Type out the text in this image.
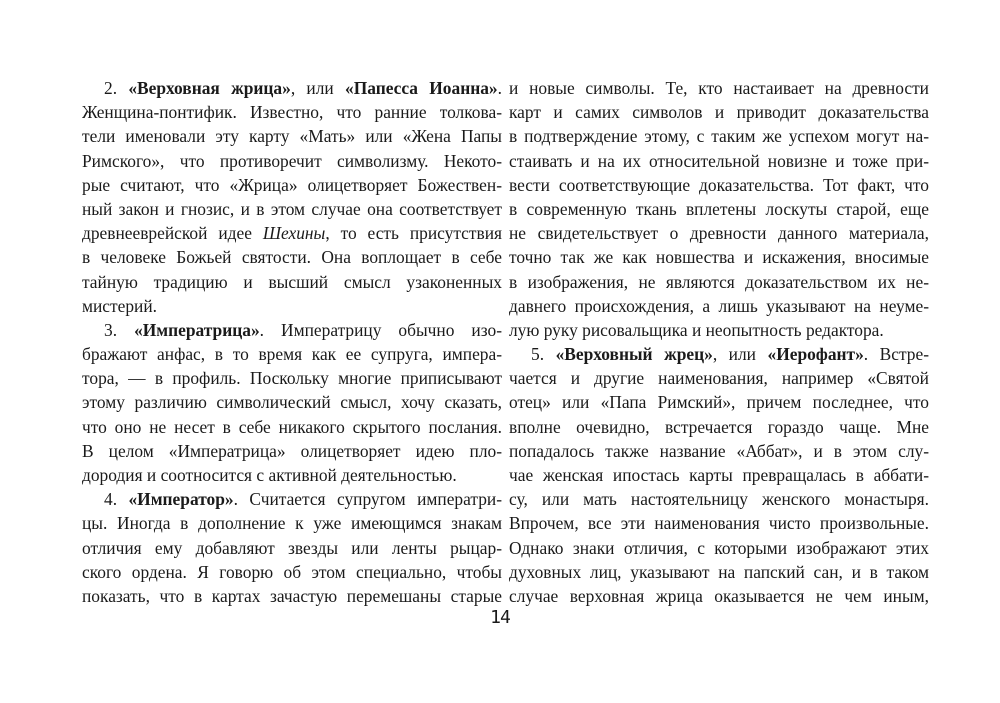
2. «Верховная жрица», или «Папесса Иоанна».
Женщина-понтифик. Известно, что ранние толкова-
тели именовали эту карту «Мать» или «Жена Папы
Римского», что противоречит символизму. Некото-
рые считают, что «Жрица» олицетворяет Божествен-
ный закон и гнозис, и в этом случае она соответствует
древнееврейской идее Шехины, то есть присутствия
в человеке Божьей святости. Она воплощает в себе
тайную традицию и высший смысл узаконенных
мистерий.
3. «Императрица». Императрицу обычно изо-
бражают анфас, в то время как ее супруга, импера-
тора, — в профиль. Поскольку многие приписывают
этому различию символический смысл, хочу сказать,
что оно не несет в себе никакого скрытого послания.
В целом «Императрица» олицетворяет идею пло-
дородия и соотносится с активной деятельностью.
4. «Император». Считается супругом императри-
цы. Иногда в дополнение к уже имеющимся знакам
отличия ему добавляют звезды или ленты рыцар-
ского ордена. Я говорю об этом специально, чтобы
показать, что в картах зачастую перемешаны старые
и новые символы. Те, кто настаивает на древности
карт и самих символов и приводит доказательства
в подтверждение этому, с таким же успехом могут на-
стаивать и на их относительной новизне и тоже при-
вести соответствующие доказательства. Тот факт, что
в современную ткань вплетены лоскуты старой, еще
не свидетельствует о древности данного материала,
точно так же как новшества и искажения, вносимые
в изображения, не являются доказательством их не-
давнего происхождения, а лишь указывают на неуме-
лую руку рисовальщика и неопытность редактора.
5. «Верховный жрец», или «Иерофант». Встре-
чается и другие наименования, например «Святой
отец» или «Папа Римский», причем последнее, что
вполне очевидно, встречается гораздо чаще. Мне
попадалось также название «Аббат», и в этом слу-
чае женская ипостась карты превращалась в аббати-
су, или мать настоятельницу женского монастыря.
Впрочем, все эти наименования чисто произвольные.
Однако знаки отличия, с которыми изображают этих
духовных лиц, указывают на папский сан, и в таком
случае верховная жрица оказывается не чем иным,
14
